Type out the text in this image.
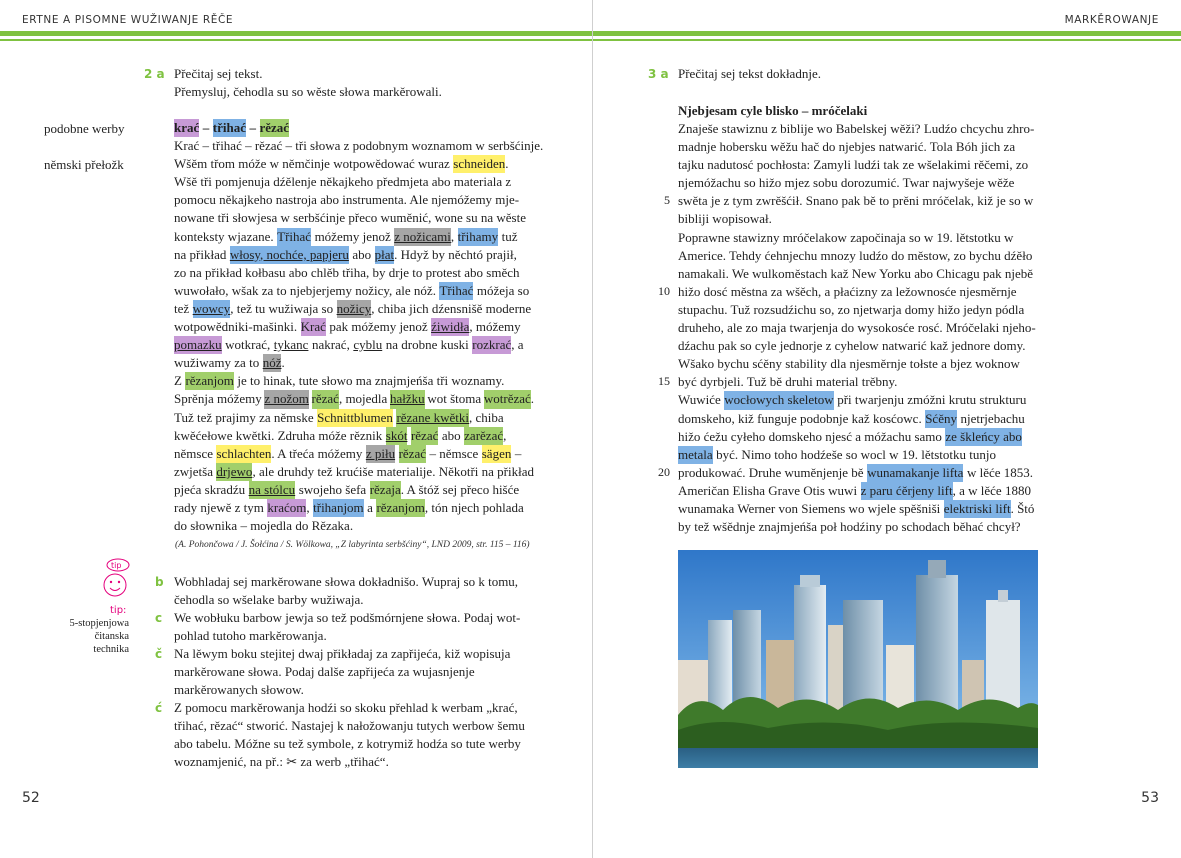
ERTNE A PISOMNE WUŽIWANJE RĚČE
2 a Přečitaj sej tekst.
Přemysluj, čehodla su so wěste słowa markěrowali.
podobne werby
němski přełožk
krać – třihać – rězać
Krać – třihać – rězać – tři słowa z podobnym woznamom w serbšćinje.
Wšěm třom móže w němčinje wotpowědować wuraz schneiden .
Wšě tři pomjenuja dźělenje někajkeho předmjeta abo materiala z
pomocu někajkeho nastroja abo instrumenta. Ale njemóžemy mje-
nowane tři słowjesa w serbšćinje přeco wuměnić, wone su na wěste
konteksty wjazane. Třihać móžemy jenož z nožicami , třihamy tuž
na přikład włosy, nochće, papjeru abo płat . Hdyž by něchtó prajił,
zo na přikład kołbasu abo chlěb třiha, by drje to protest abo směch
wuwołało, wšak za to njebjerjemy nožicy, ale nóž. Třihać móžeja so
tež wowcy , tež tu wužiwaja so nožicy , chiba jich dźensnišě moderne
wotpowědniki-mašinki. Krać pak móžemy jenož źiwidła , móžemy
pomazku wotkrać, tykanc nakrać, cyblu na drobne kuski rozkrać , a
wužiwamy za to nóž .
Z rězanjom je to hinak, tute słowo ma znajmjeńša tři woznamy.
Sprěnja móžemy z nožom rězać , mojedla hałžku wot štoma wotrězać .
Tuž tež prajimy za němske Schnittblumen rězane kwětki , chiba
kwěćełowe kwětki. Zdruha móže rěznik skót rězać abo zarězać ,
němsce schlachten . A třeća móžemy z piłu rězać – němsce sägen –
zwjetša drjewo , ale druhdy tež krućiše materialije. Někotři na přikład
pjeća skradźu na stólcu swojeho šefa rězaja . A štóž sej přeco hišće
rady njewě z tym kraćom , třihanjom a rězanjom , tón njech pohlada
do słownika – mojedla do Rězaka.
(A. Pohončowa / J. Šołćina / S. Wölkowa, „Z labyrinta serbšćiny“, LND 2009, str. 115 – 116)
tip
tip:
5-stopjenjowa
čitanska
technika
b Wobhladaj sej markěrowane słowa dokładnišo. Wupraj so k tomu,
čehodla so wšelake barby wužiwaja.
c We wobłuku barbow jewja so tež podšmórnjene słowa. Podaj wot-
pohlad tutoho markěrowanja.
č Na lěwym boku stejitej dwaj přikładaj za zapřijeća, kiž wopisuja
markěrowane słowa. Podaj dalše zapřijeća za wujasnjenje
markěrowanych słowow.
ć Z pomocu markěrowanja hodźi so skoku přehlad k werbam „krać,
třihać, rězać“ stworić. Nastajej k nałožowanju tutych werbow šemu
abo tabelu. Móžne su tež symbole, z kotrymiž hodźa so tute werby
woznamjenić, na př.: ✂ za werb „třihać“.
52
MARKĚROWANJE
53
3 a Přečitaj sej tekst dokładnje.
Njebjesam cyle blisko – mróčelaki
Znaješe stawiznu z biblije wo Babelskej wěži? Ludźo chcychu zhro-
madnje hobersku wěžu hač do njebjes natwarić. Tola Bóh jich za
tajku nadutosć pochłosta: Zamyli ludźi tak ze wšelakimi rěčemi, zo
njemóžachu so hižo mjez sobu dorozumić. Twar najwyšeje wěže
swěta je z tym zwrěšćił. Snano pak bě to prěni mróčelak, kiž je so w
bibliji wopisował.
Poprawne stawizny mróčelakow započinaja so w 19. lětstotku w
Americe. Tehdy ćehnjechu mnozy ludźo do městow, zo bychu dźěło
namakali. We wulkoměstach kaž New Yorku abo Chicagu pak njebě
hižo dosć městna za wšěch, a płaćizny za ležownosće njesměrnje
stupachu. Tuž rozsudźichu so, zo njetwarja domy hižo jedyn pódla
druheho, ale zo maja twarjenja do wysokosće rosć. Mróčelaki njeho-
dźachu pak so cyle jednorje z cyhelow natwarić kaž jednore domy.
Wšako bychu sćěny stability dla njesměrnje tołste a bjez woknow
być dyrbjeli. Tuž bě druhi material trěbny.
Wuwiće wocłowych skeletow při twarjenju zmóžni krutu strukturu
domskeho, kiž funguje podobnje kaž kosćowc. Sćěny njetrjebachu
hižo ćežu cyłeho domskeho njesć a móžachu samo ze škleńcy abo
metala być. Nimo toho hodźeše so wocl w 19. lětstotku tunjo
produkować. Druhe wuměnjenje bě wunamakanje lifta w lěće 1853.
Američan Elisha Grave Otis wuwi z paru ćěrjeny lift , a w lěće 1880
wunamaka Werner von Siemens wo wjele spěšniši elektriski lift . Štó
by tež wšědnje znajmjeńša poł hodźiny po schodach běhać chcył?
5
10
15
20
